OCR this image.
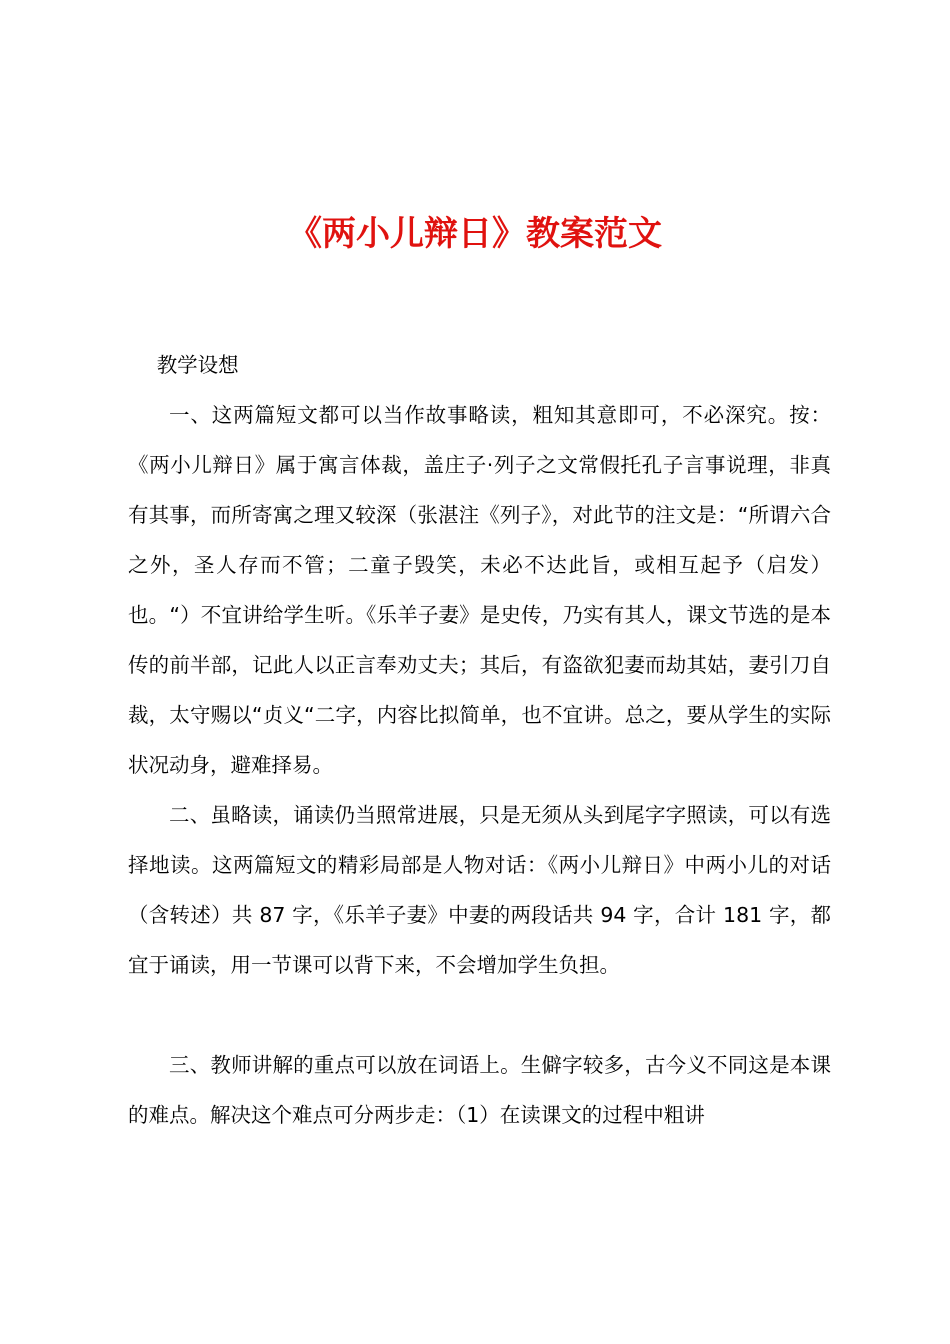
《两小儿辩日》教案范文

教学设想

一、这两篇短文都可以当作故事略读，粗知其意即可，不必深究。按：《两小儿辩日》属于寓言体裁，盖庄子·列子之文常假托孔子言事说理，非真有其事，而所寄寓之理又较深（张湛注《列子》，对此节的注文是：“所谓六合之外，圣人存而不管；二童子毁笑，未必不达此旨，或相互起予（启发）也。“）不宜讲给学生听。《乐羊子妻》是史传，乃实有其人，课文节选的是本传的前半部，记此人以正言奉劝丈夫；其后，有盗欲犯妻而劫其姑，妻引刀自裁，太守赐以“贞义“二字，内容比拟简单，也不宜讲。总之，要从学生的实际状况动身，避难择易。

二、虽略读，诵读仍当照常进展，只是无须从头到尾字字照读，可以有选择地读。这两篇短文的精彩局部是人物对话：《两小儿辩日》中两小儿的对话（含转述）共 87 字，《乐羊子妻》中妻的两段话共 94 字，合计 181 字，都宜于诵读，用一节课可以背下来，不会增加学生负担。

三、教师讲解的重点可以放在词语上。生僻字较多，古今义不同这是本课的难点。解决这个难点可分两步走：（1）在读课文的过程中粗讲
